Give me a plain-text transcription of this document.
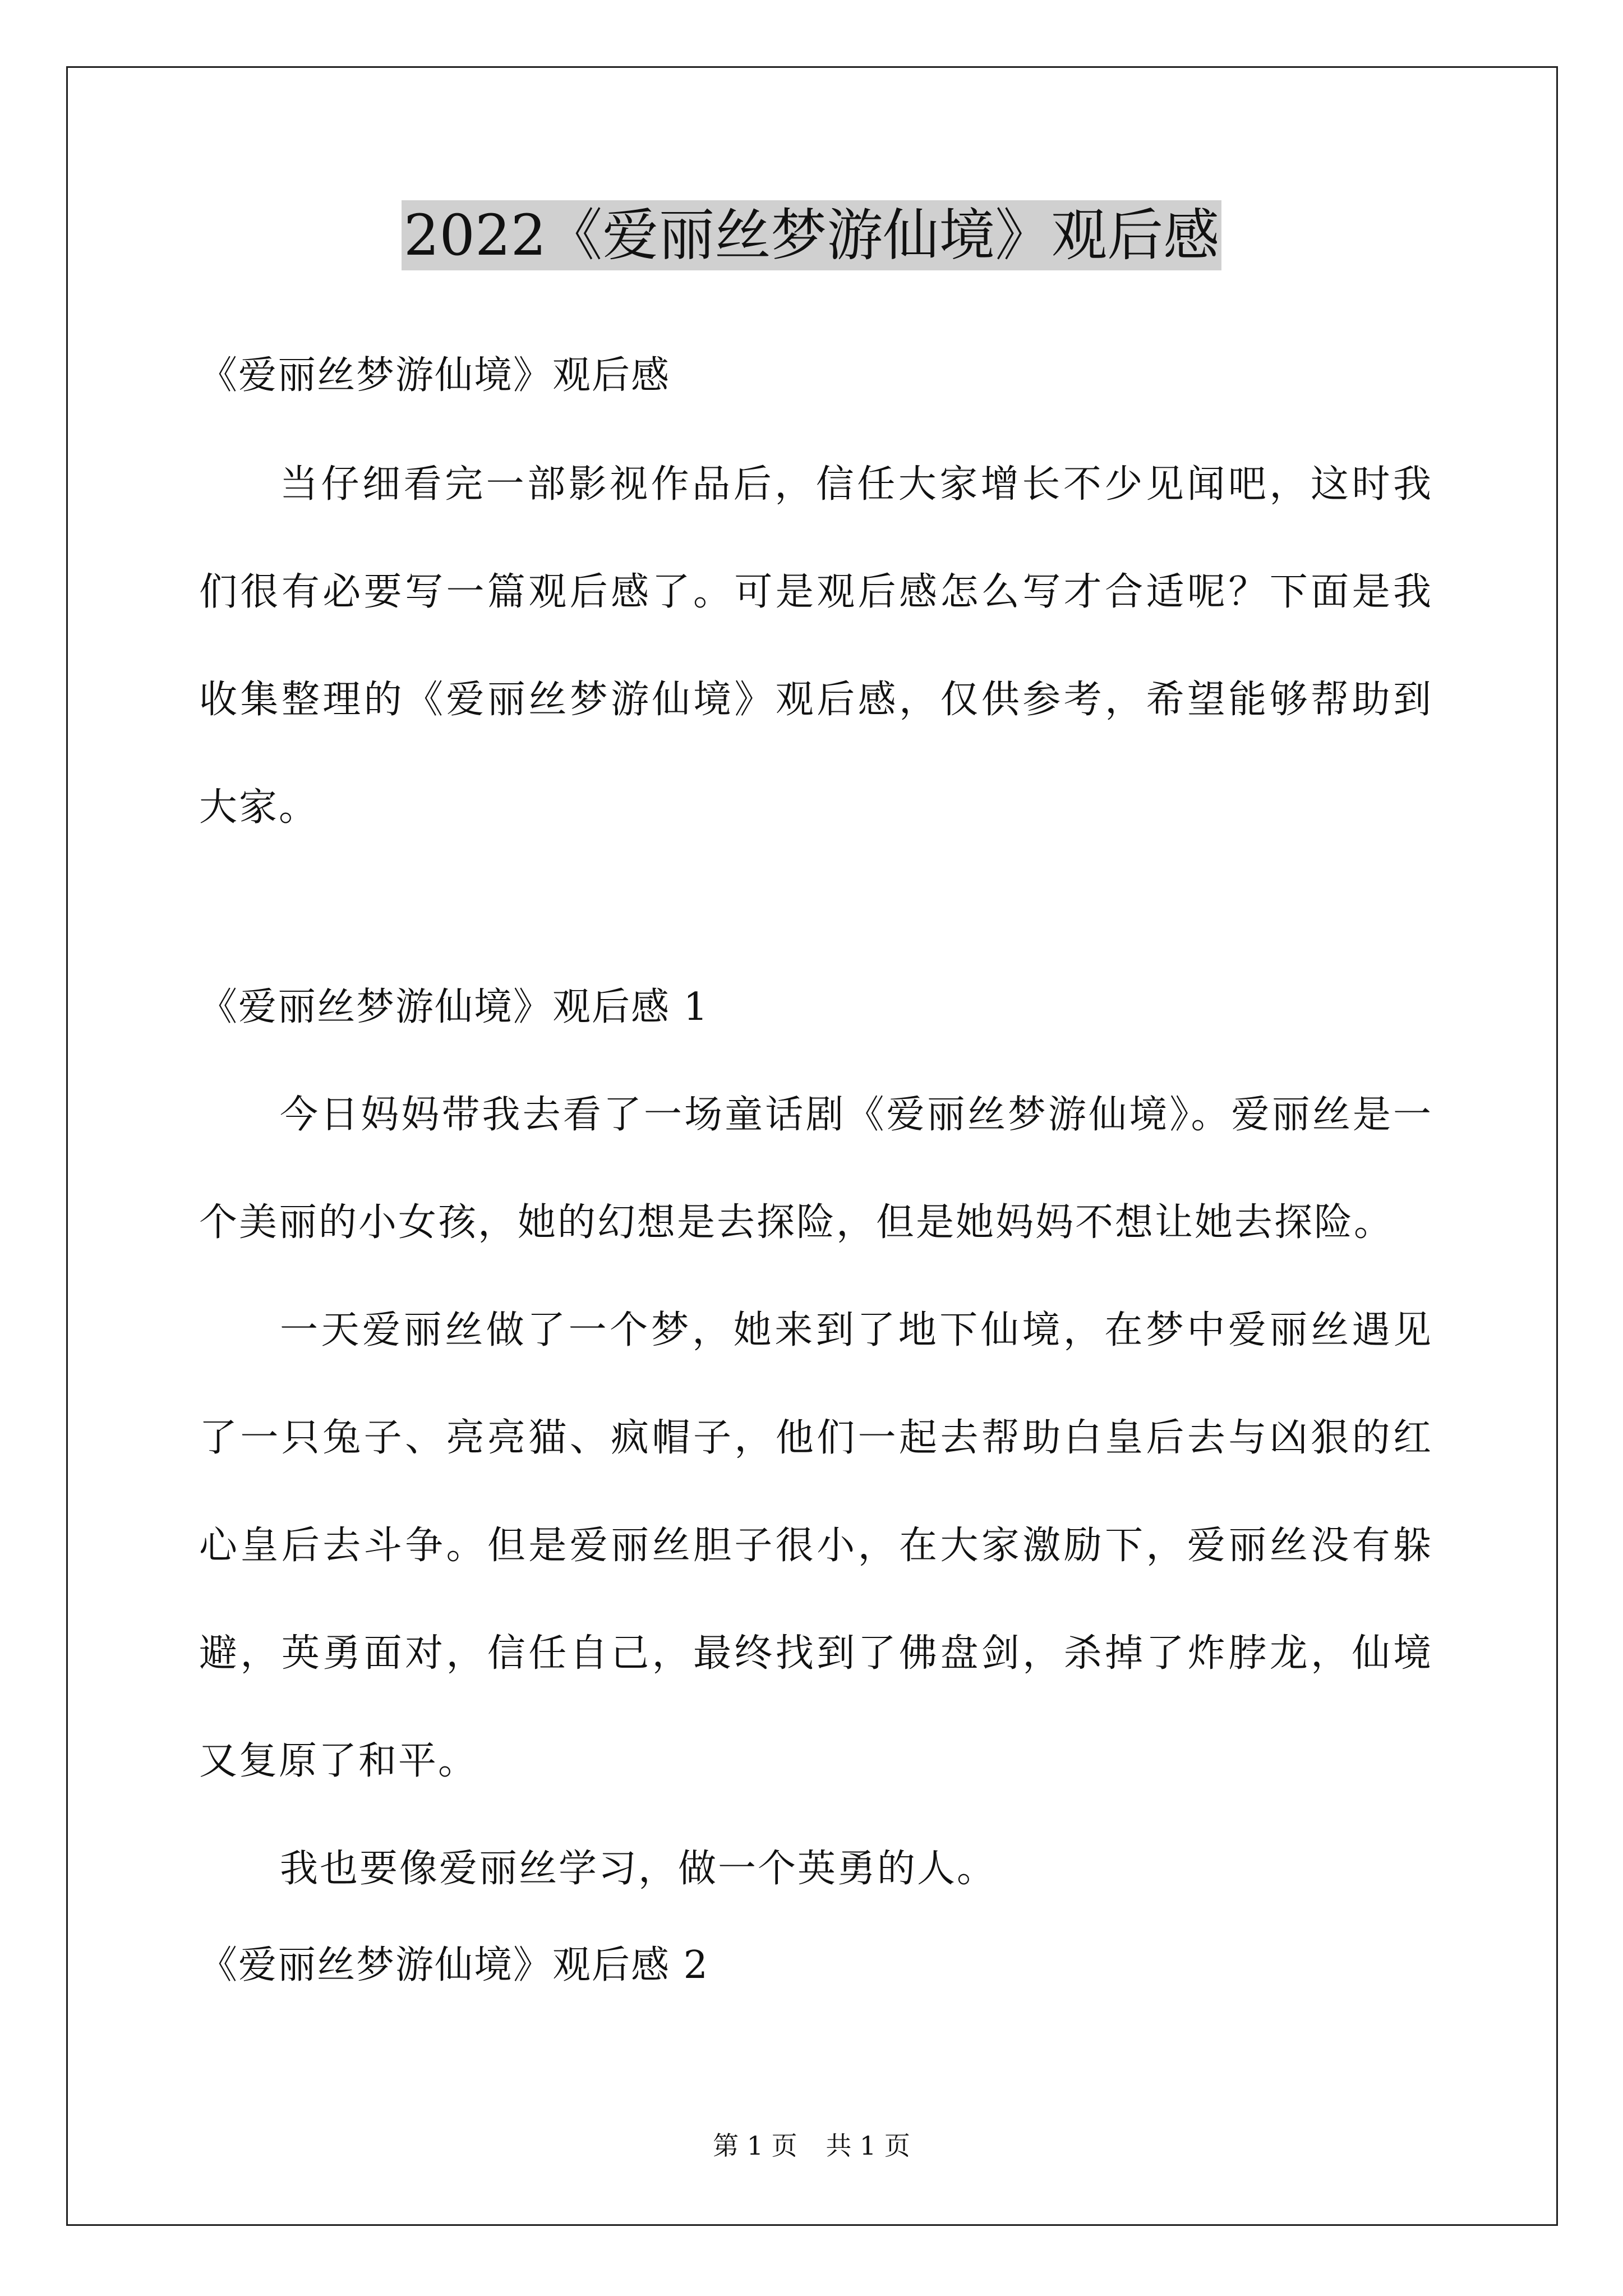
2022《爱丽丝梦游仙境》观后感

《爱丽丝梦游仙境》观后感

当仔细看完一部影视作品后，信任大家增长不少见闻吧，这时我们很有必要写一篇观后感了。可是观后感怎么写才合适呢？下面是我收集整理的《爱丽丝梦游仙境》观后感，仅供参考，希望能够帮助到大家。

《爱丽丝梦游仙境》观后感 1

今日妈妈带我去看了一场童话剧《爱丽丝梦游仙境》。爱丽丝是一个美丽的小女孩，她的幻想是去探险，但是她妈妈不想让她去探险。

一天爱丽丝做了一个梦，她来到了地下仙境，在梦中爱丽丝遇见了一只兔子、亮亮猫、疯帽子，他们一起去帮助白皇后去与凶狠的红心皇后去斗争。但是爱丽丝胆子很小，在大家激励下，爱丽丝没有躲避，英勇面对，信任自己，最终找到了佛盘剑，杀掉了炸脖龙，仙境又复原了和平。

我也要像爱丽丝学习，做一个英勇的人。

《爱丽丝梦游仙境》观后感 2

第 1 页 共 1 页
